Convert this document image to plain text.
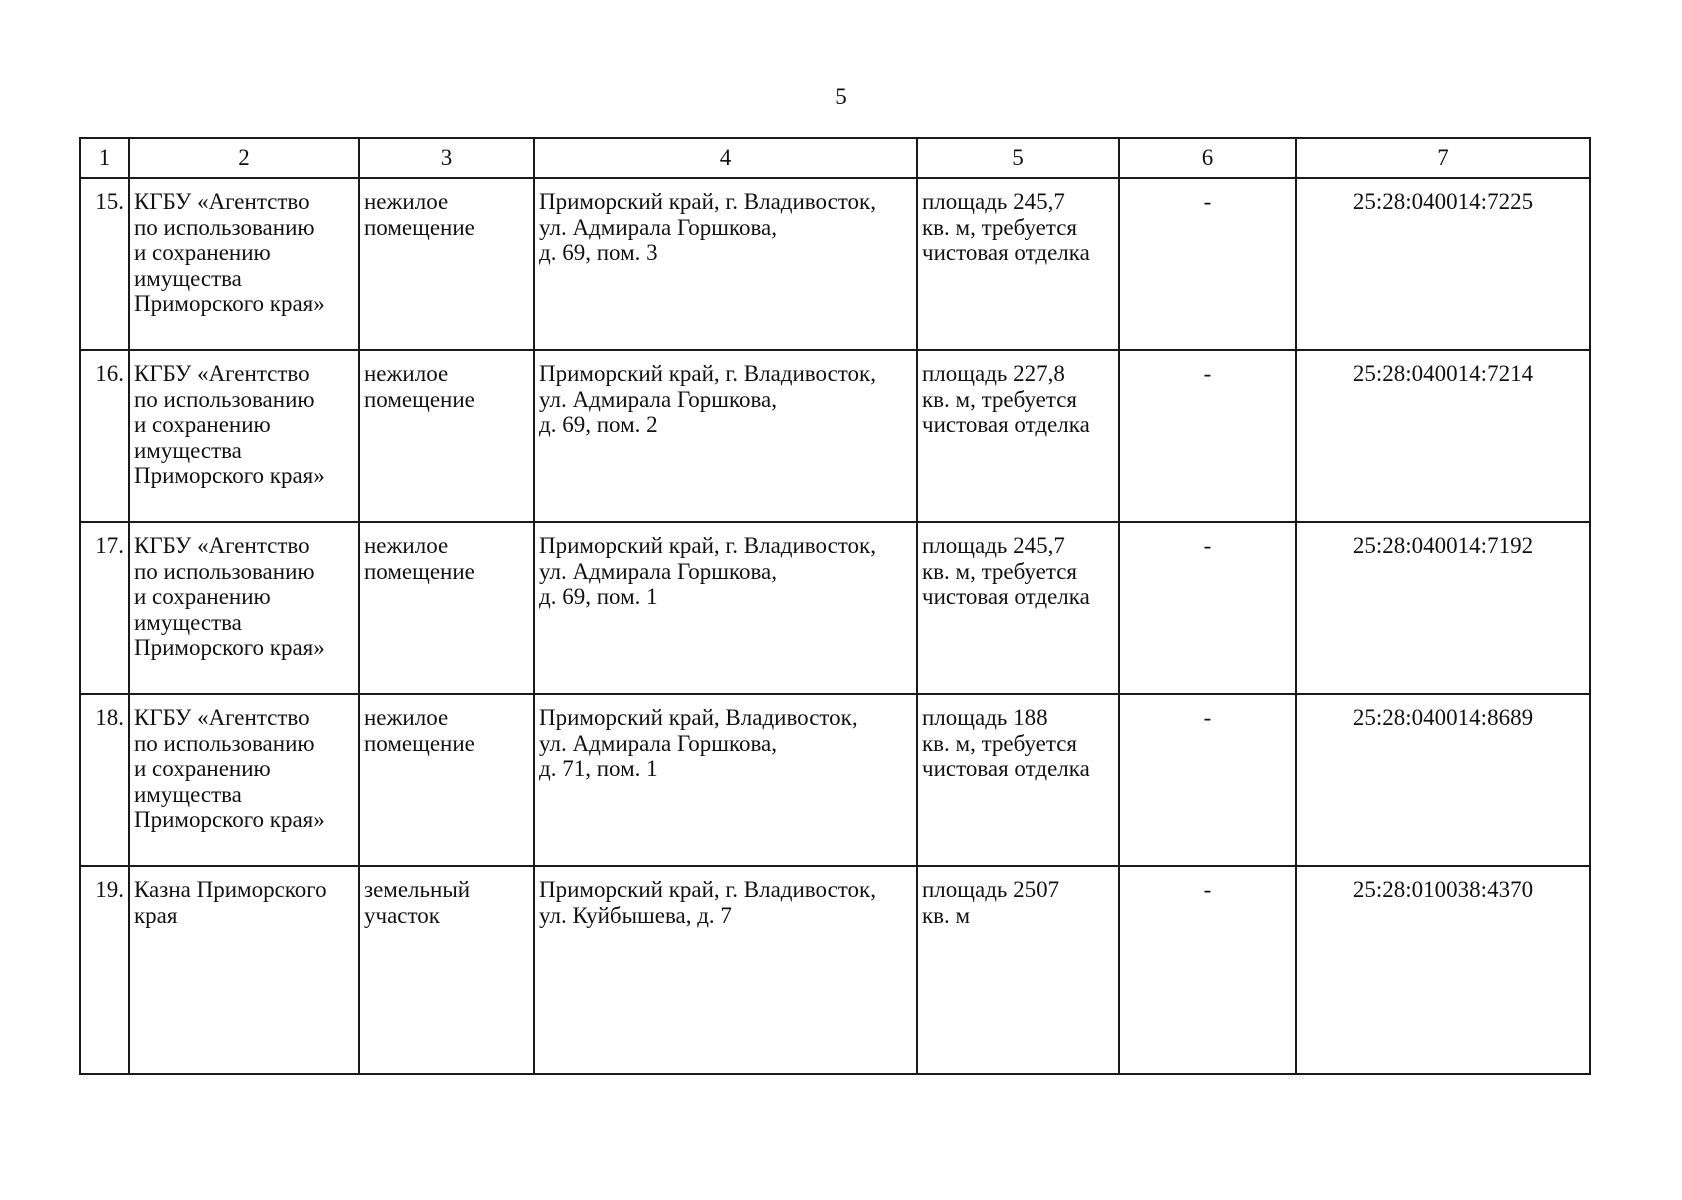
5
1	2	3	4	5	6	7
15.	КГБУ «Агентство
по использованию
и сохранению
имущества
Приморского края»	нежилое
помещение	Приморский край, г. Владивосток,
ул. Адмирала Горшкова,
д. 69, пом. 3	площадь 245,7
кв. м, требуется
чистовая отделка	-	25:28:040014:7225
16.	КГБУ «Агентство
по использованию
и сохранению
имущества
Приморского края»	нежилое
помещение	Приморский край, г. Владивосток,
ул. Адмирала Горшкова,
д. 69, пом. 2	площадь 227,8
кв. м, требуется
чистовая отделка	-	25:28:040014:7214
17.	КГБУ «Агентство
по использованию
и сохранению
имущества
Приморского края»	нежилое
помещение	Приморский край, г. Владивосток,
ул. Адмирала Горшкова,
д. 69, пом. 1	площадь 245,7
кв. м, требуется
чистовая отделка	-	25:28:040014:7192
18.	КГБУ «Агентство
по использованию
и сохранению
имущества
Приморского края»	нежилое
помещение	Приморский край, Владивосток,
ул. Адмирала Горшкова,
д. 71, пом. 1	площадь 188
кв. м, требуется
чистовая отделка	-	25:28:040014:8689
19.	Казна Приморского
края	земельный
участок	Приморский край, г. Владивосток,
ул. Куйбышева, д. 7	площадь 2507
кв. м	-	25:28:010038:4370
